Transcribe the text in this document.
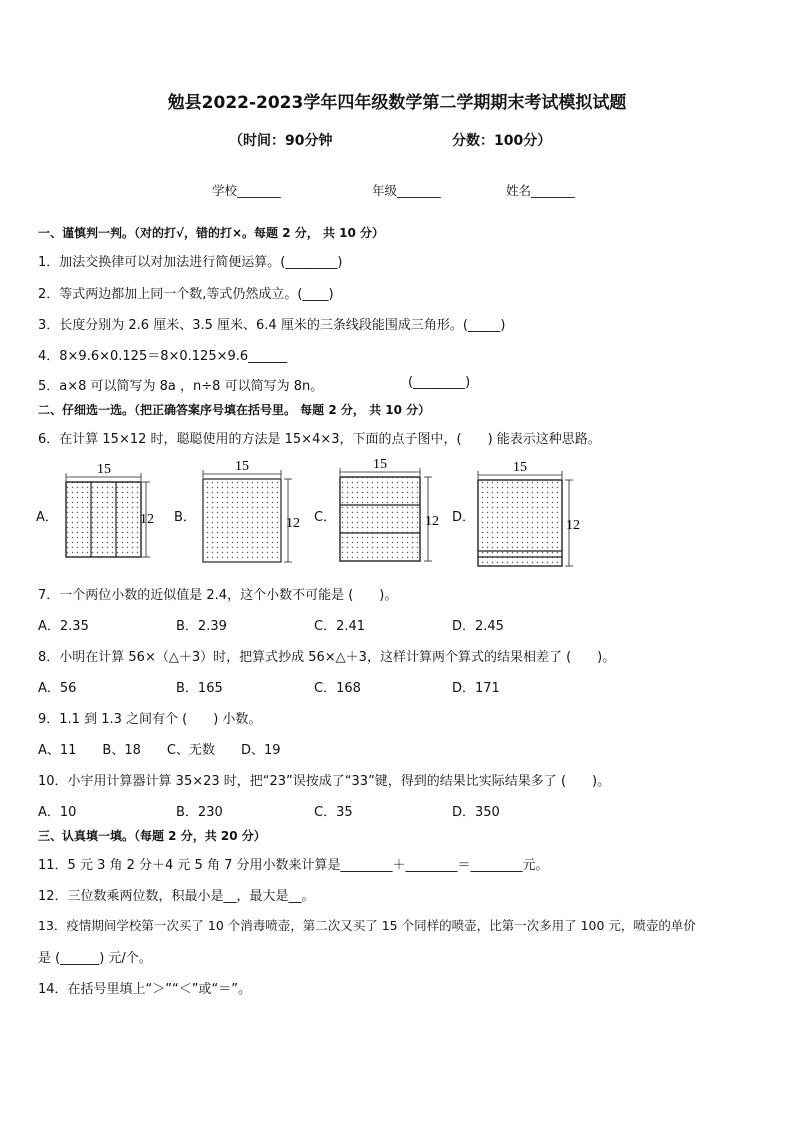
勉县2022-2023学年四年级数学第二学期期末考试模拟试题
（时间：90分钟	分数：100分）
学校_______	年级_______	姓名_______
一、谨慎判一判。（对的打√，错的打×。每题 2 分， 共 10 分）
1．加法交换律可以对加法进行简便运算。(________)
2．等式两边都加上同一个数,等式仍然成立。(____)
3．长度分别为 2.6 厘米、3.5 厘米、6.4 厘米的三条线段能围成三角形。(_____)
4．8×9.6×0.125＝8×0.125×9.6______
5．a×8 可以简写为 8a ，n÷8 可以简写为 8n。	(________)
二、仔细选一选。（把正确答案序号填在括号里。 每题 2 分， 共 10 分）
6．在计算 15×12 时，聪聪使用的方法是 15×4×3，下面的点子图中，(　　) 能表示这种思路。
A．	B．	C．	D．
15
12
15
12
15
12
15
12
7．一个两位小数的近似值是 2.4，这个小数不可能是 (　　)。
A．2.35	B．2.39	C．2.41	D．2.45
8．小明在计算 56×（△＋3）时，把算式抄成 56×△＋3，这样计算两个算式的结果相差了 (　　)。
A．56	B．165	C．168	D．171
9．1.1 到 1.3 之间有个 (　　) 小数。
A、11　　B、18　　C、无数　　D、19
10．小宇用计算器计算 35×23 时，把“23”误按成了“33”键，得到的结果比实际结果多了 (　　)。
A．10	B．230	C．35	D．350
三、认真填一填。（每题 2 分，共 20 分）
11．5 元 3 角 2 分＋4 元 5 角 7 分用小数来计算是________＋________＝________元。
12．三位数乘两位数，积最小是__，最大是__。
13．疫情期间学校第一次买了 10 个消毒喷壶，第二次又买了 15 个同样的喷壶，比第一次多用了 100 元，喷壶的单价
是 (______) 元/个。
14．在括号里填上“＞”“＜”或“＝”。
